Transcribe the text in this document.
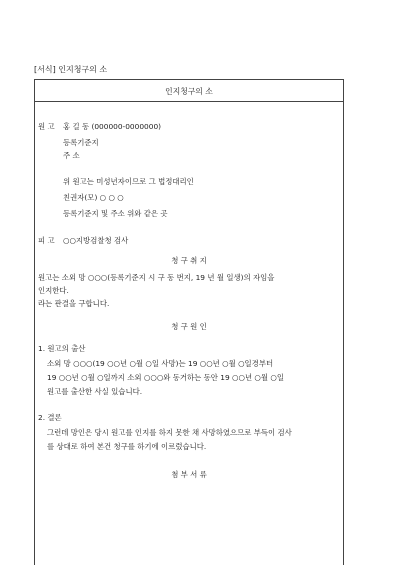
[서식] 인지청구의 소
인지청구의 소
원 고 홍 길 동 (000000-0000000)
등록기준지
주 소
위 원고는 미성년자이므로 그 법정대리인
친권자(모) ○ ○ ○
등록기준지 및 주소 위와 같은 곳
피 고 ○○지방검찰청 검사
청 구 취 지
원고는 소외 망 ○○○(등록기준지 시 구 동 번지, 19 년 월 일생)의 자임을
인지한다.
라는 판결을 구합니다.
청 구 원 인
1. 원고의 출산
소외 망 ○○○(19 ○○년 ○월 ○일 사망)는 19 ○○년 ○월 ○일경부터
19 ○○년 ○월 ○일까지 소외 ○○○와 동거하는 동안 19 ○○년 ○월 ○일
원고를 출산한 사실 있습니다.
2. 결론
그런데 망인은 당시 원고를 인지를 하지 못한 채 사망하였으므로 부득이 검사
를 상대로 하여 본건 청구를 하기에 이르렀습니다.
첨 부 서 류
